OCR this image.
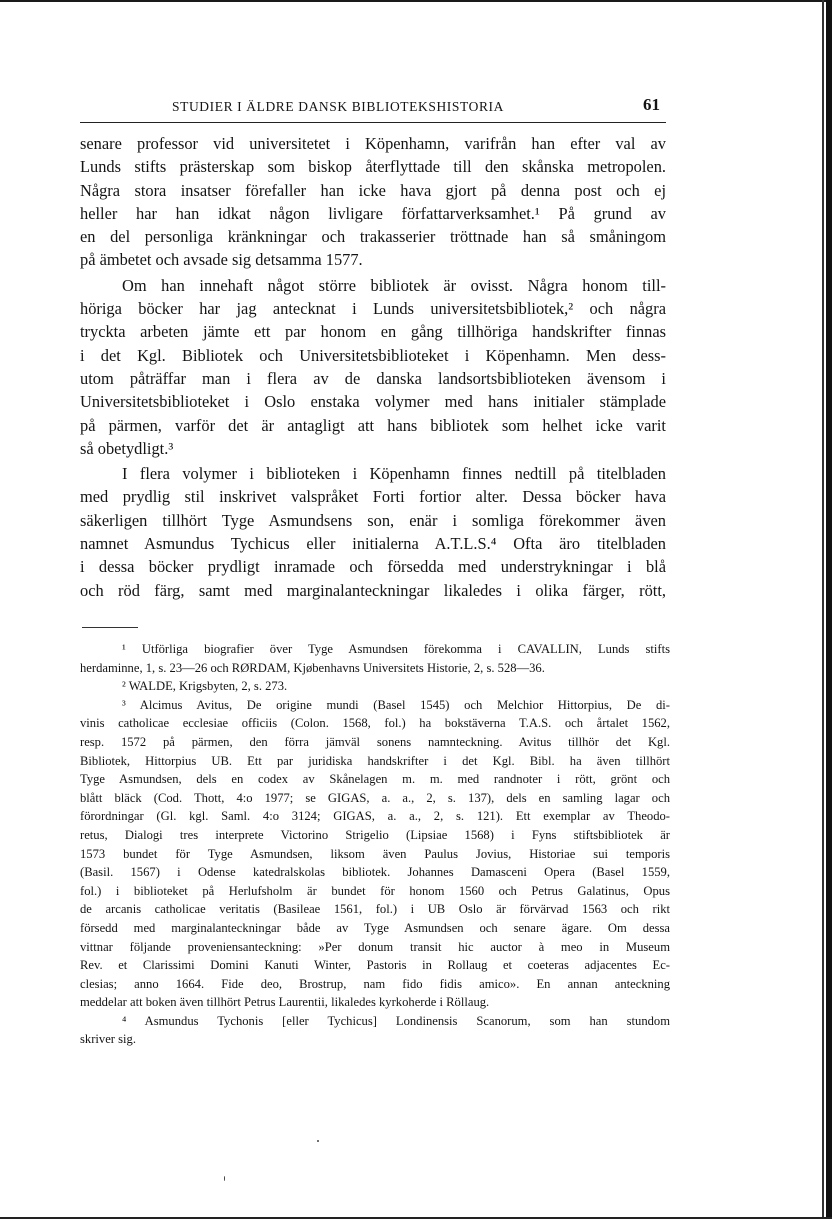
STUDIER I ÄLDRE DANSK BIBLIOTEKSHISTORIA	61
senare professor vid universitetet i Köpenhamn, varifrån han efter val av
Lunds stifts prästerskap som biskop återflyttade till den skånska metropolen.
Några stora insatser förefaller han icke hava gjort på denna post och ej
heller har han idkat någon livligare författarverksamhet.¹ På grund av
en del personliga kränkningar och trakasserier tröttnade han så småningom
på ämbetet och avsade sig detsamma 1577.
Om han innehaft något större bibliotek är ovisst. Några honom till-
höriga böcker har jag antecknat i Lunds universitetsbibliotek,² och några
tryckta arbeten jämte ett par honom en gång tillhöriga handskrifter finnas
i det Kgl. Bibliotek och Universitetsbiblioteket i Köpenhamn. Men dess-
utom påträffar man i flera av de danska landsortsbiblioteken ävensom i
Universitetsbiblioteket i Oslo enstaka volymer med hans initialer stämplade
på pärmen, varför det är antagligt att hans bibliotek som helhet icke varit
så obetydligt.³
I flera volymer i biblioteken i Köpenhamn finnes nedtill på titelbladen
med prydlig stil inskrivet valspråket Forti fortior alter. Dessa böcker hava
säkerligen tillhört Tyge Asmundsens son, enär i somliga förekommer även
namnet Asmundus Tychicus eller initialerna A.T.L.S.⁴ Ofta äro titelbladen
i dessa böcker prydligt inramade och försedda med understrykningar i blå
och röd färg, samt med marginalanteckningar likaledes i olika färger, rött,
¹ Utförliga biografier över Tyge Asmundsen förekomma i CAVALLIN, Lunds stifts
herdaminne, 1, s. 23—26 och RØRDAM, Kjøbenhavns Universitets Historie, 2, s. 528—36.
² WALDE, Krigsbyten, 2, s. 273.
³ Alcimus Avitus, De origine mundi (Basel 1545) och Melchior Hittorpius, De di-
vinis catholicae ecclesiae officiis (Colon. 1568, fol.) ha bokstäverna T.A.S. och årtalet 1562,
resp. 1572 på pärmen, den förra jämväl sonens namnteckning. Avitus tillhör det Kgl.
Bibliotek, Hittorpius UB. Ett par juridiska handskrifter i det Kgl. Bibl. ha även tillhört
Tyge Asmundsen, dels en codex av Skånelagen m. m. med randnoter i rött, grönt och
blått bläck (Cod. Thott, 4:o 1977; se GIGAS, a. a., 2, s. 137), dels en samling lagar och
förordningar (Gl. kgl. Saml. 4:o 3124; GIGAS, a. a., 2, s. 121). Ett exemplar av Theodo-
retus, Dialogi tres interprete Victorino Strigelio (Lipsiae 1568) i Fyns stiftsbibliotek är
1573 bundet för Tyge Asmundsen, liksom även Paulus Jovius, Historiae sui temporis
(Basil. 1567) i Odense katedralskolas bibliotek. Johannes Damasceni Opera (Basel 1559,
fol.) i biblioteket på Herlufsholm är bundet för honom 1560 och Petrus Galatinus, Opus
de arcanis catholicae veritatis (Basileae 1561, fol.) i UB Oslo är förvärvad 1563 och rikt
försedd med marginalanteckningar både av Tyge Asmundsen och senare ägare. Om dessa
vittnar följande proveniensanteckning: »Per donum transit hic auctor à meo in Museum
Rev. et Clarissimi Domini Kanuti Winter, Pastoris in Rollaug et coeteras adjacentes Ec-
clesias; anno 1664. Fide deo, Brostrup, nam fido fidis amico». En annan anteckning
meddelar att boken även tillhört Petrus Laurentii, likaledes kyrkoherde i Röllaug.
⁴ Asmundus Tychonis [eller Tychicus] Londinensis Scanorum, som han stundom
skriver sig.
